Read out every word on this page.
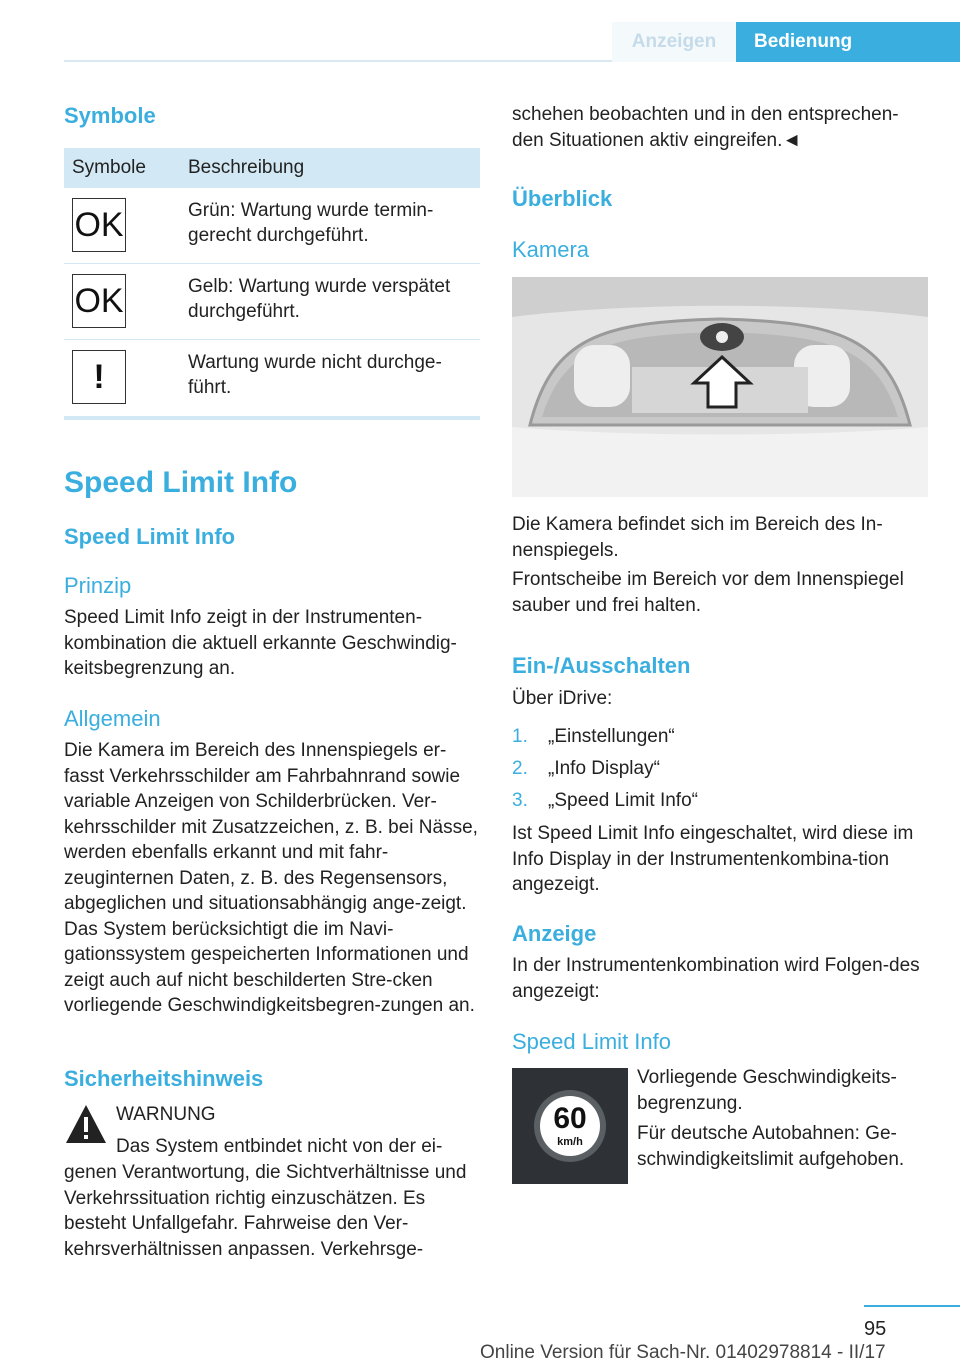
Anzeigen Bedienung
Symbole
Symbole	Beschreibung
OK	Grün: Wartung wurde termin‐gerecht durchgeführt.
OK	Gelb: Wartung wurde verspätet durchgeführt.
!	Wartung wurde nicht durchge‐führt.
Speed Limit Info
Speed Limit Info
Prinzip
Speed Limit Info zeigt in der Instrumenten‐kombination die aktuell erkannte Geschwindig‐keitsbegrenzung an.
Allgemein
Die Kamera im Bereich des Innenspiegels er‐fasst Verkehrsschilder am Fahrbahnrand sowie variable Anzeigen von Schilderbrücken. Ver‐kehrsschilder mit Zusatzzeichen, z. B. bei Nässe, werden ebenfalls erkannt und mit fahr‐zeuginternen Daten, z. B. des Regensensors, abgeglichen und situationsabhängig ange‐zeigt. Das System berücksichtigt die im Navi‐gationssystem gespeicherten Informationen und zeigt auch auf nicht beschilderten Stre‐cken vorliegende Geschwindigkeitsbegren‐zungen an.
Sicherheitshinweis
WARNUNG
Das System entbindet nicht von der ei‐
genen Verantwortung, die Sichtverhältnisse und Verkehrssituation richtig einzuschätzen. Es besteht Unfallgefahr. Fahrweise den Ver‐kehrsverhältnissen anpassen. Verkehrsge‐
schehen beobachten und in den entsprechen‐den Situationen aktiv eingreifen.◄
Überblick
Kamera
Die Kamera befindet sich im Bereich des In‐nenspiegels.
Frontscheibe im Bereich vor dem Innenspiegel sauber und frei halten.
Ein-/Ausschalten
Über iDrive:
1.	„Einstellungen“
2.	„Info Display“
3.	„Speed Limit Info“
Ist Speed Limit Info eingeschaltet, wird diese im Info Display in der Instrumentenkombina‐tion angezeigt.
Anzeige
In der Instrumentenkombination wird Folgen‐des angezeigt:
Speed Limit Info
60
km/h
Vorliegende Geschwindigkeits‐begrenzung.
Für deutsche Autobahnen: Ge‐schwindigkeitslimit aufgehoben.
95
Online Version für Sach-Nr. 01402978814 - II/17
